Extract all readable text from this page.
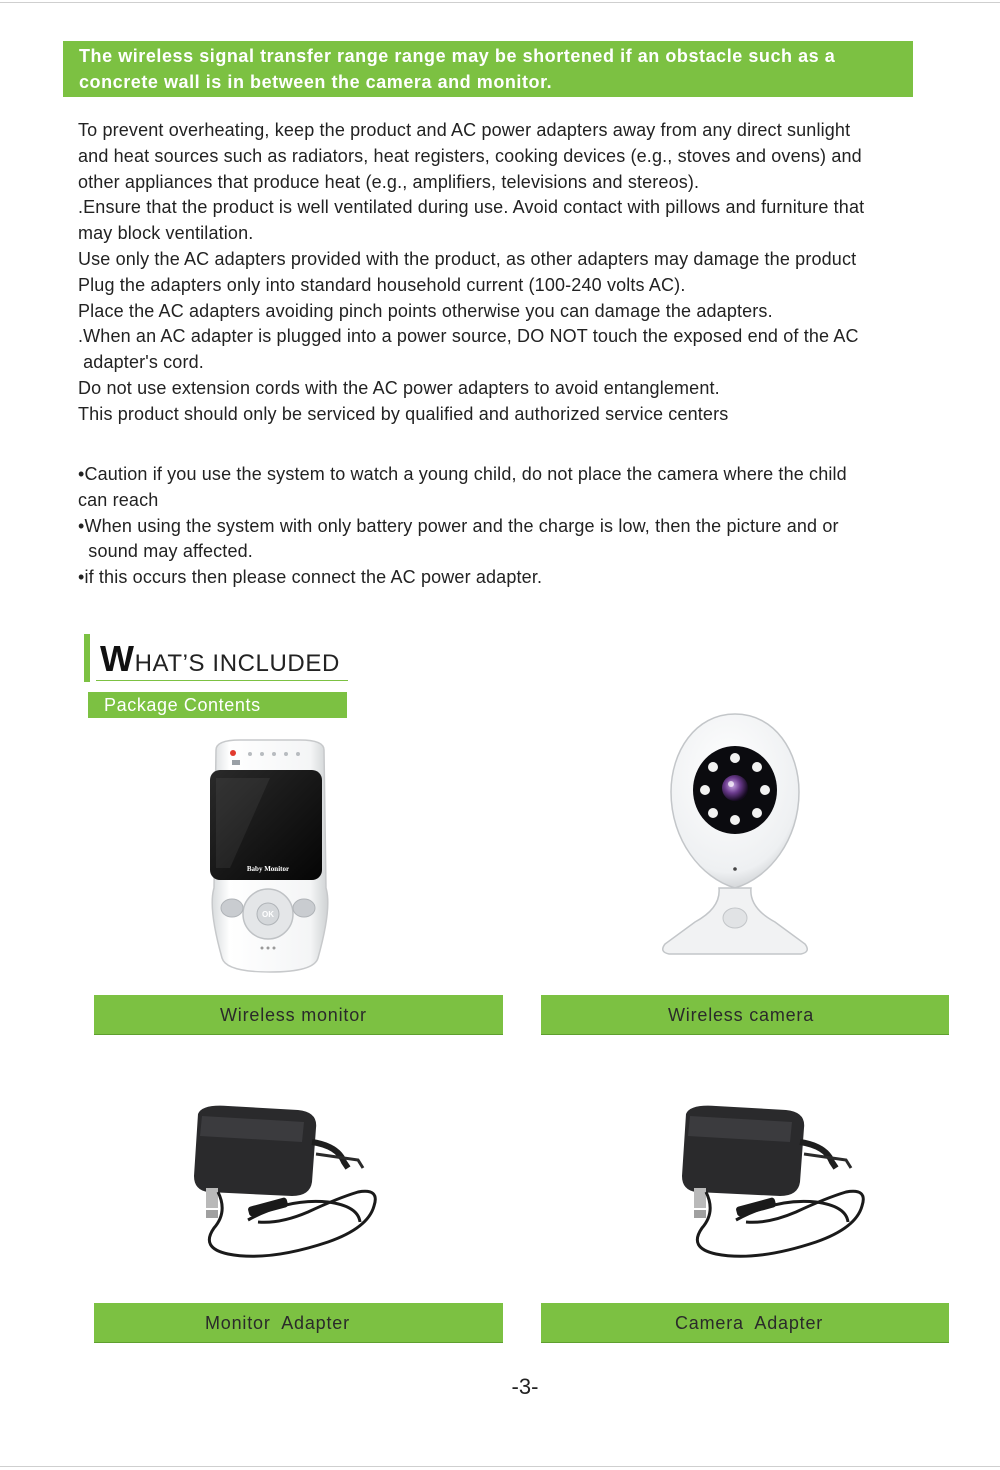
The wireless signal transfer range range may be shortened if an obstacle such as a
concrete wall is in between the camera and monitor.
To prevent overheating, keep the product and AC power adapters away from any direct sunlight
and heat sources such as radiators, heat registers, cooking devices (e.g., stoves and ovens) and
other appliances that produce heat (e.g., amplifiers, televisions and stereos).
.Ensure that the product is well ventilated during use. Avoid contact with pillows and furniture that
may block ventilation.
Use only the AC adapters provided with the product, as other adapters may damage the product
Plug the adapters only into standard household current (100-240 volts AC).
Place the AC adapters avoiding pinch points otherwise you can damage the adapters.
.When an AC adapter is plugged into a power source, DO NOT touch the exposed end of the AC
adapter's cord.
Do not use extension cords with the AC power adapters to avoid entanglement.
This product should only be serviced by qualified and authorized service centers
•Caution if you use the system to watch a young child, do not place the camera where the child
can reach
•When using the system with only battery power and the charge is low, then the picture and or
sound may affected.
•if this occurs then please connect the AC power adapter.
WHAT’S INCLUDED
Package Contents
Baby Monitor
OK
Wireless monitor	Wireless camera
Monitor  Adapter	Camera  Adapter
-3-
